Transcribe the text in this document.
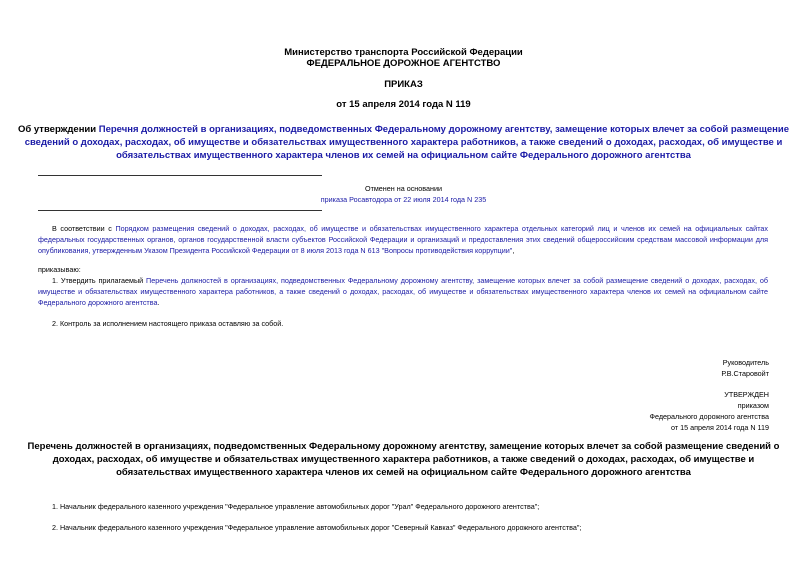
Министерство транспорта Российской Федерации
ФЕДЕРАЛЬНОЕ ДОРОЖНОЕ АГЕНТСТВО
ПРИКАЗ
от 15 апреля 2014 года N 119
Об утверждении Перечня должностей в организациях, подведомственных Федеральному дорожному агентству, замещение которых влечет за собой размещение
сведений о доходах, расходах, об имуществе и обязательствах имущественного характера работников, а также сведений о доходах, расходах, об имуществе и
обязательствах имущественного характера членов их семей на официальном сайте Федерального дорожного агентства
Отменен на основании
приказа Росавтодора от 22 июля 2014 года N 235
В соответствии с Порядком размещения сведений о доходах, расходах, об имуществе и обязательствах имущественного характера отдельных категорий лиц и членов их семей на официальных сайтах
федеральных государственных органов, органов государственной власти субъектов Российской Федерации и организаций и предоставления этих сведений общероссийским средствам массовой информации для
опубликования, утвержденным Указом Президента Российской Федерации от 8 июля 2013 года N 613 "Вопросы противодействия коррупции",
приказываю:
1. Утвердить прилагаемый Перечень должностей в организациях, подведомственных Федеральному дорожному агентству, замещение которых влечет за собой размещение сведений о доходах, расходах, об
имуществе и обязательствах имущественного характера работников, а также сведений о доходах, расходах, об имуществе и обязательствах имущественного характера членов их семей на официальном сайте
Федерального дорожного агентства.
2. Контроль за исполнением настоящего приказа оставляю за собой.
Руководитель
Р.В.Старовойт
УТВЕРЖДЕН
приказом
Федерального дорожного агентства
от 15 апреля 2014 года N 119
Перечень должностей в организациях, подведомственных Федеральному дорожному агентству, замещение которых влечет за собой размещение сведений о
доходах, расходах, об имуществе и обязательствах имущественного характера работников, а также сведений о доходах, расходах, об имуществе и
обязательствах имущественного характера членов их семей на официальном сайте Федерального дорожного агентства
1. Начальник федерального казенного учреждения "Федеральное управление автомобильных дорог "Урал" Федерального дорожного агентства";
2. Начальник федерального казенного учреждения "Федеральное управление автомобильных дорог "Северный Кавказ" Федерального дорожного агентства";
